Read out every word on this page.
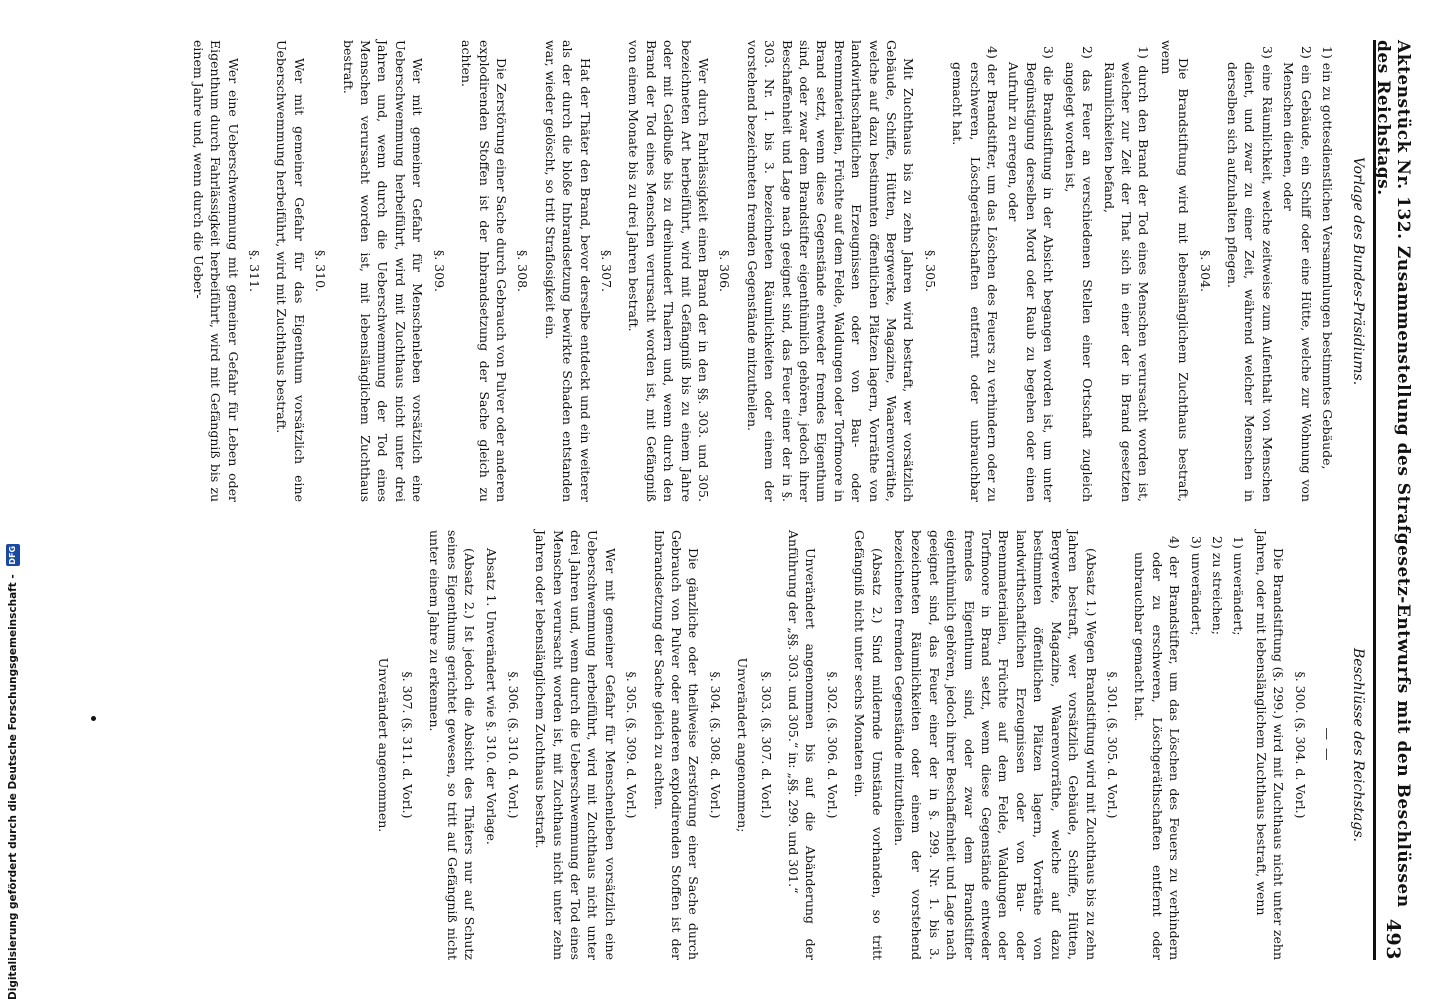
Aktenstück Nr. 132. Zusammenstellung des Strafgesetz-Entwurfs mit den Beschlüssen des Reichstags.
493
Vorlage des Bundes-Präsidiums.
Beschlüsse des Reichstags.
1) ein zu gottesdienstlichen Versammlungen bestimmtes Gebäude,
2) ein Gebäude, ein Schiff oder eine Hütte, welche zur Wohnung von Menschen dienen, oder
3) eine Räumlichkeit, welche zeitweise zum Aufenthalt von Menschen dient, und zwar zu einer Zeit, während welcher Menschen in derselben sich aufzuhalten pflegen.
§. 304.
Die Brandstiftung wird mit lebenslänglichem Zuchthaus bestraft, wenn
1) durch den Brand der Tod eines Menschen verursacht worden ist, welcher zur Zeit der That sich in einer der in Brand gesetzten Räumlichkeiten befand,
2) das Feuer an verschiedenen Stellen einer Ortschaft zugleich angelegt worden ist,
3) die Brandstiftung in der Absicht begangen worden ist, um unter Begünstigung derselben Mord oder Raub zu begehen oder einen Aufruhr zu erregen, oder
4) der Brandstifter, um das Löschen des Feuers zu verhindern oder zu erschweren, Löschgeräthschaften entfernt oder unbrauchbar gemacht hat.
§. 305.
Mit Zuchthaus bis zu zehn Jahren wird bestraft, wer vorsätzlich Gebäude, Schiffe, Hütten, Bergwerke, Magazine, Waarenvorräthe, welche auf dazu bestimmten öffentlichen Plätzen lagern, Vorräthe von landwirthschaftlichen Erzeugnissen oder von Bau- oder Brennmaterialien, Früchte auf dem Felde, Waldungen oder Torfmoore in Brand setzt, wenn diese Gegenstände entweder fremdes Eigenthum sind, oder zwar dem Brandstifter eigenthümlich gehören, jedoch ihrer Beschaffenheit und Lage nach geeignet sind, das Feuer einer der in §. 303. Nr. 1. bis 3. bezeichneten Räumlichkeiten oder einem der vorstehend bezeichneten fremden Gegenstände mitzutheilen.
§. 306.
Wer durch Fahrlässigkeit einen Brand der in den §§. 303. und 305. bezeichneten Art herbeiführt, wird mit Gefängniß bis zu einem Jahre oder mit Geldbuße bis zu dreihundert Thalern und, wenn durch den Brand der Tod eines Menschen verursacht worden ist, mit Gefängniß von einem Monate bis zu drei Jahren bestraft.
§. 307.
Hat der Thäter den Brand, bevor derselbe entdeckt und ein weiterer als der durch die bloße Inbrandsetzung bewirkte Schaden entstanden war, wieder gelöscht, so tritt Straflosigkeit ein.
§. 308.
Die Zerstörung einer Sache durch Gebrauch von Pulver oder anderen explodirenden Stoffen ist der Inbrandsetzung der Sache gleich zu achten.
§. 309.
Wer mit gemeiner Gefahr für Menschenleben vorsätzlich eine Ueberschwemmung herbeiführt, wird mit Zuchthaus nicht unter drei Jahren und, wenn durch die Ueberschwemmung der Tod eines Menschen verursacht worden ist, mit lebenslänglichem Zuchthaus bestraft.
§. 310.
Wer mit gemeiner Gefahr für das Eigenthum vorsätzlich eine Ueberschwemmung herbeiführt, wird mit Zuchthaus bestraft.
§. 311.
Wer eine Ueberschwemmung mit gemeiner Gefahr für Leben oder Eigenthum durch Fahrlässigkeit herbeiführt, wird mit Gefängniß bis zu einem Jahre und, wenn durch die Ueber-
— —
§. 300. (§. 304. d. Vorl.)
Die Brandstiftung (§. 299.) wird mit Zuchthaus nicht unter zehn Jahren, oder mit lebenslänglichem Zuchthaus bestraft, wenn
1) unverändert;
2) zu streichen;
3) unverändert;
4) der Brandstifter, um das Löschen des Feuers zu verhindern oder zu erschweren, Löschgeräthschaften entfernt oder unbrauchbar gemacht hat.
§. 301. (§. 305. d. Vorl.)
(Absatz 1.) Wegen Brandstiftung wird mit Zuchthaus bis zu zehn Jahren bestraft, wer vorsätzlich Gebäude, Schiffe, Hütten, Bergwerke, Magazine, Waarenvorräthe, welche auf dazu bestimmten öffentlichen Plätzen lagern, Vorräthe von landwirthschaftlichen Erzeugnissen oder von Bau- oder Brennmaterialien, Früchte auf dem Felde, Waldungen oder Torfmoore in Brand setzt, wenn diese Gegenstände entweder fremdes Eigenthum sind, oder zwar dem Brandstifter eigenthümlich gehören, jedoch ihrer Beschaffenheit und Lage nach geeignet sind, das Feuer einer der in §. 299. Nr. 1. bis 3. bezeichneten Räumlichkeiten oder einem der vorstehend bezeichneten fremden Gegenstände mitzutheilen.
(Absatz 2.) Sind mildernde Umstände vorhanden, so tritt Gefängniß nicht unter sechs Monaten ein.
§. 302. (§. 306. d. Vorl.)
Unverändert angenommen bis auf die Abänderung der Anführung der „§§. 303. und 305.“ in: „§§. 299. und 301.“
§. 303. (§. 307. d. Vorl.)
Unverändert angenommen;
§. 304. (§. 308. d. Vorl.)
Die gänzliche oder theilweise Zerstörung einer Sache durch Gebrauch von Pulver oder anderen explodirenden Stoffen ist der Inbrandsetzung der Sache gleich zu achten.
§. 305. (§. 309. d. Vorl.)
Wer mit gemeiner Gefahr für Menschenleben vorsätzlich eine Ueberschwemmung herbeiführt, wird mit Zuchthaus nicht unter drei Jahren und, wenn durch die Ueberschwemmung der Tod eines Menschen verursacht worden ist, mit Zuchthaus nicht unter zehn Jahren oder lebenslänglichem Zuchthaus bestraft.
§. 306. (§. 310. d. Vorl.)
Absatz 1. Unverändert wie §. 310. der Vorlage.
(Absatz 2.) Ist jedoch die Absicht des Thäters nur auf Schutz seines Eigenthums gerichtet gewesen, so tritt auf Gefängniß nicht unter einem Jahre zu erkennen.
§. 307. (§. 311. d. Vorl.)
Unverändert angenommen.
Digitalisierung gefördert durch die Deutsche Forschungsgemeinschaft -
DFG
